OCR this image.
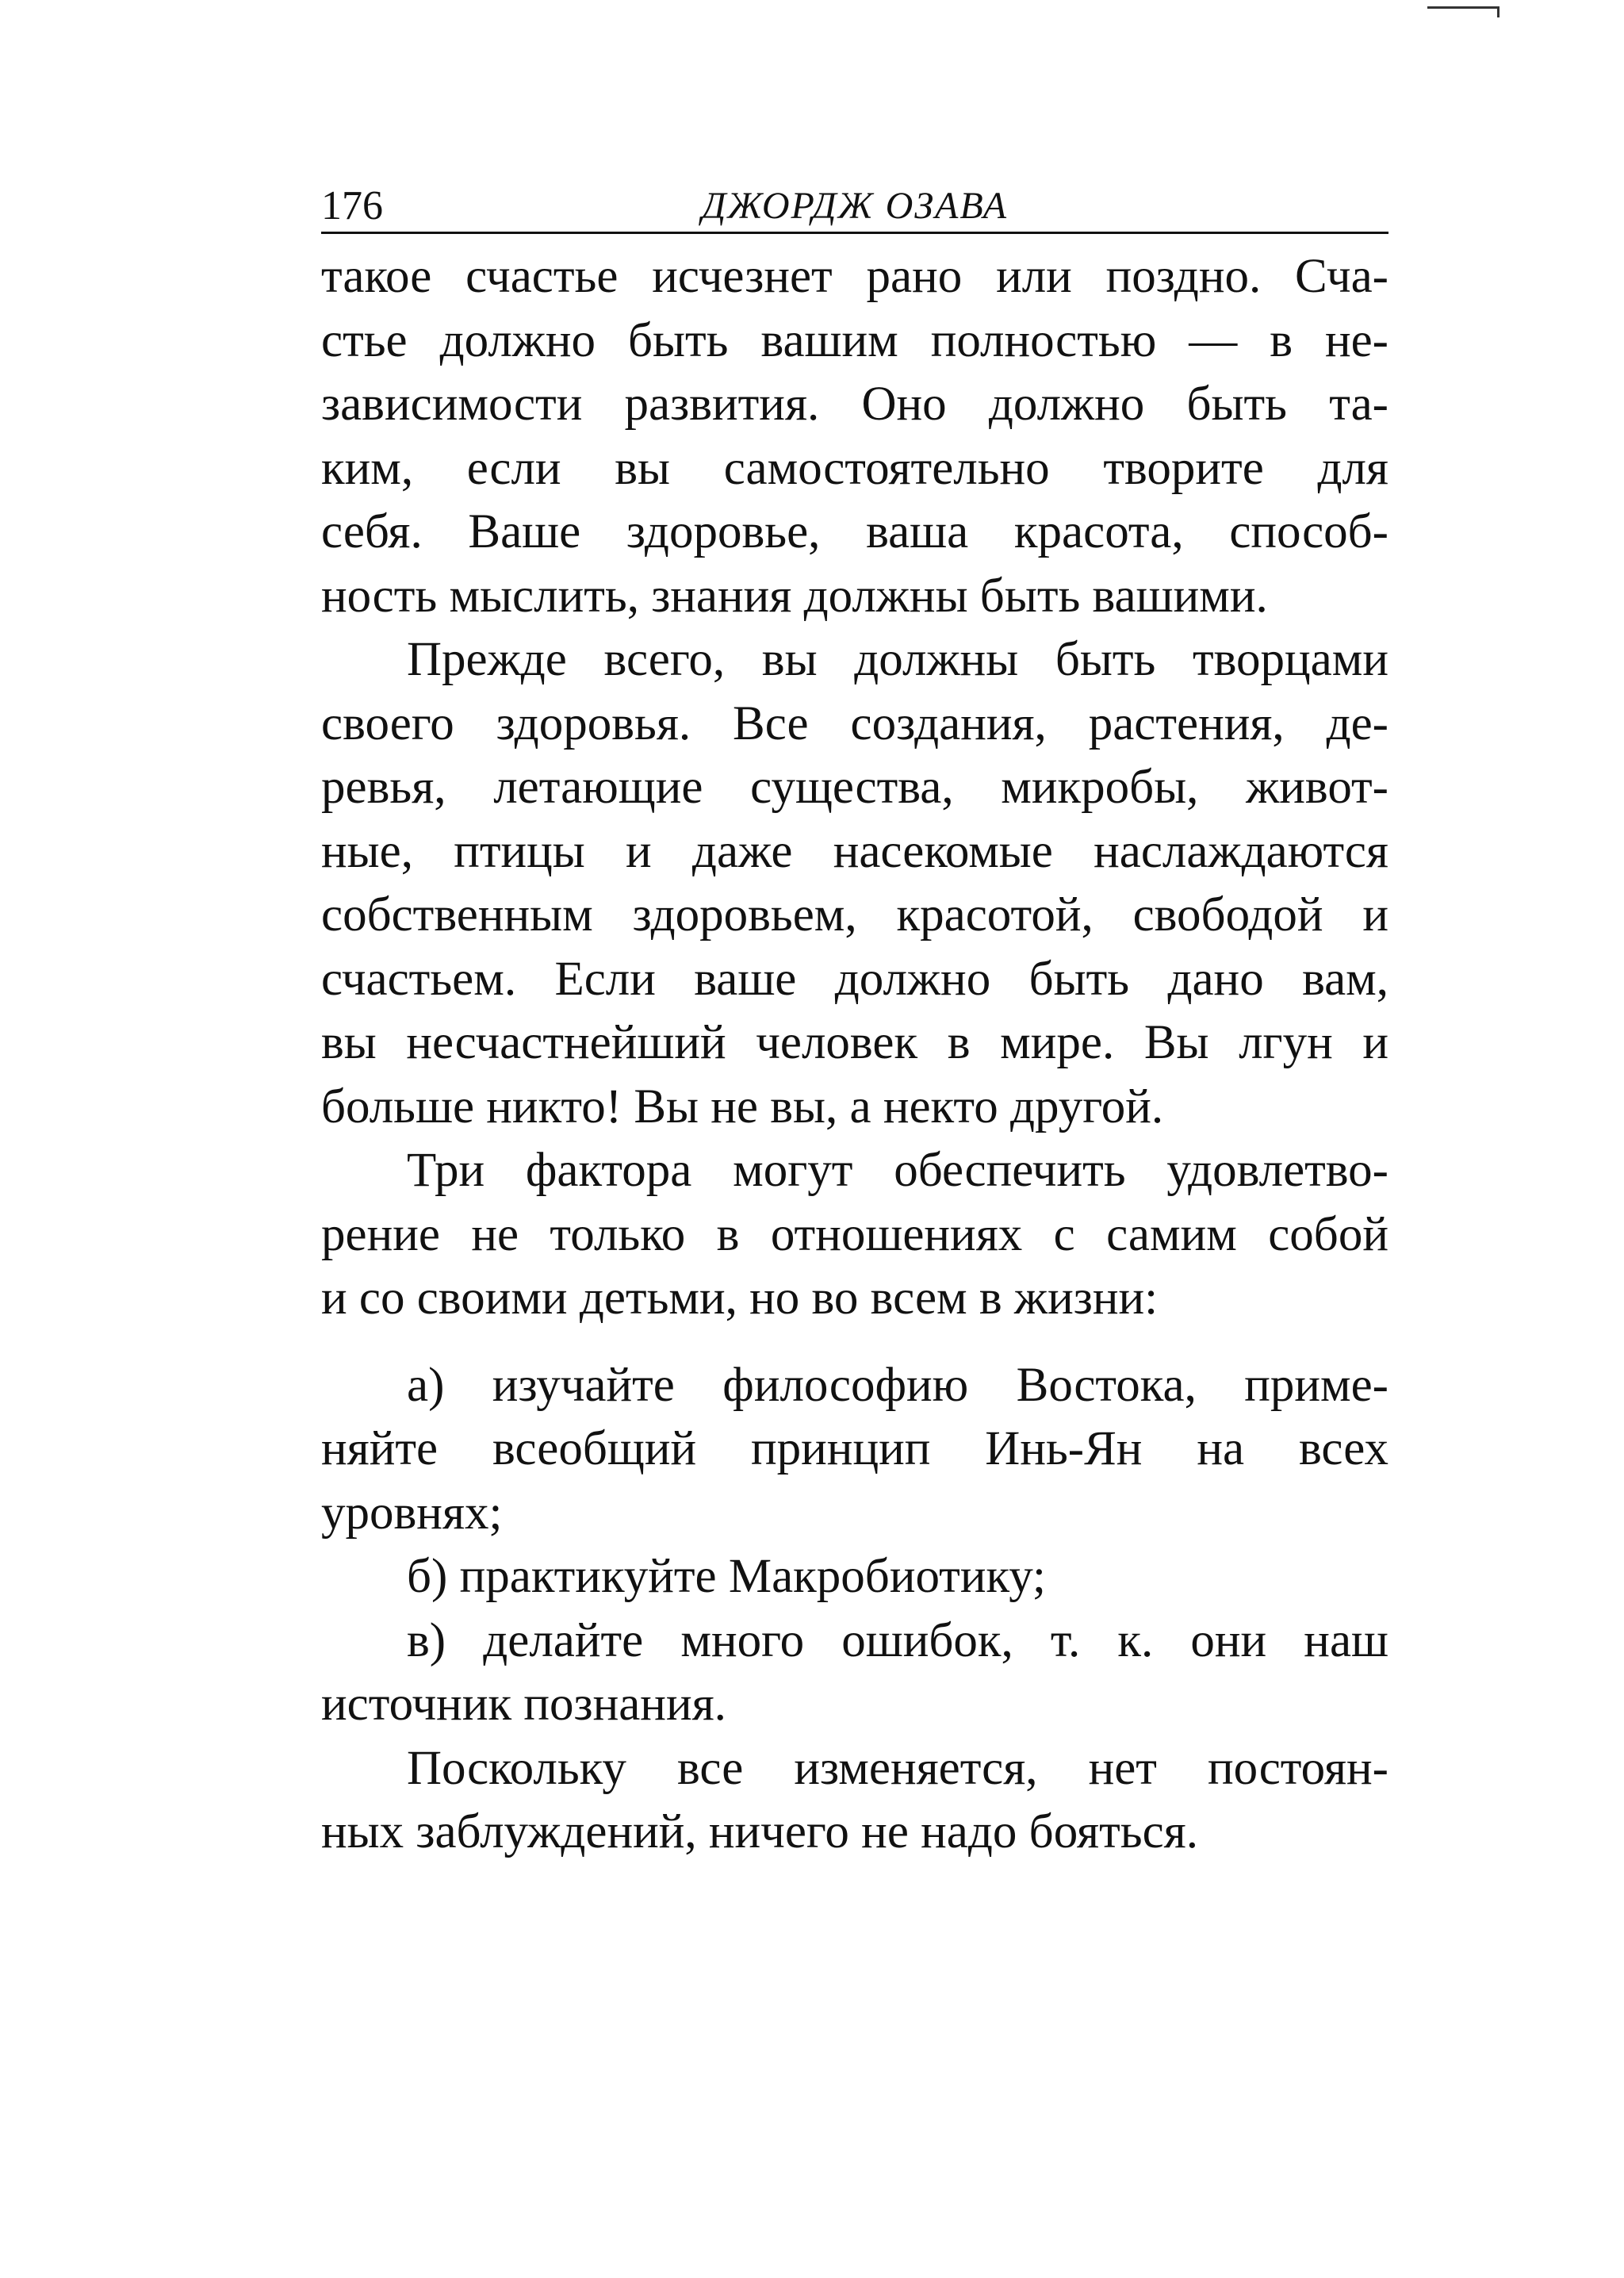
176	ДЖОРДЖ ОЗАВА

такое счастье исчезнет рано или поздно. Сча-
стье должно быть вашим полностью — в не-
зависимости развития. Оно должно быть та-
ким, если вы самостоятельно творите для
себя. Ваше здоровье, ваша красота, способ-
ность мыслить, знания должны быть вашими.

Прежде всего, вы должны быть творцами
своего здоровья. Все создания, растения, де-
ревья, летающие существа, микробы, живот-
ные, птицы и даже насекомые наслаждаются
собственным здоровьем, красотой, свободой и
счастьем. Если ваше должно быть дано вам,
вы несчастнейший человек в мире. Вы лгун и
больше никто! Вы не вы, а некто другой.

Три фактора могут обеспечить удовлетво-
рение не только в отношениях с самим собой
и со своими детьми, но во всем в жизни:

а) изучайте философию Востока, приме-
няйте всеобщий принцип Инь-Ян на всех
уровнях;

б) практикуйте Макробиотику;

в) делайте много ошибок, т. к. они наш
источник познания.

Поскольку все изменяется, нет постоян-
ных заблуждений, ничего не надо бояться.
